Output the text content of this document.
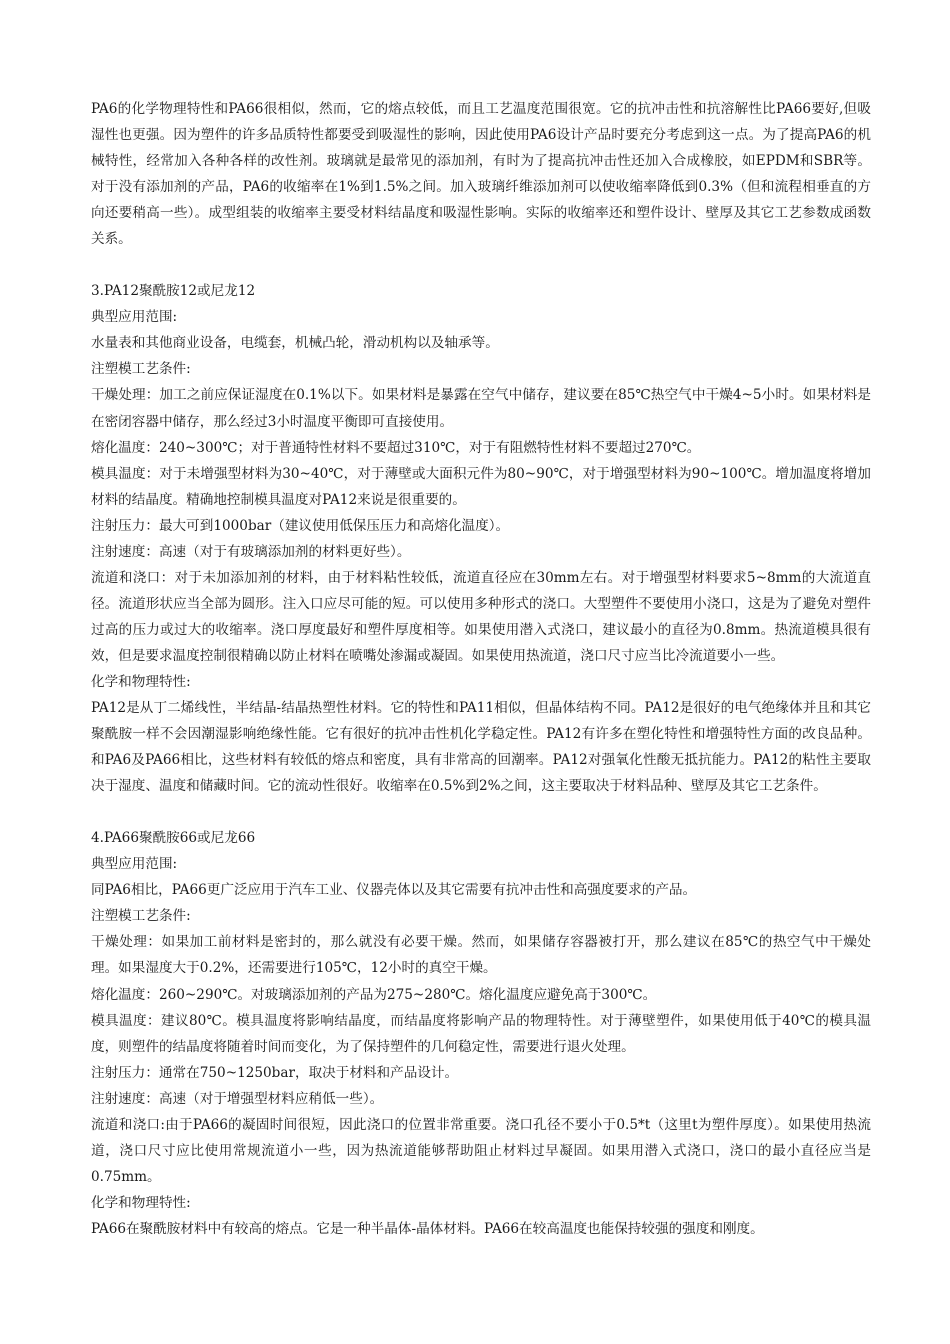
PA6的化学物理特性和PA66很相似，然而，它的熔点较低，而且工艺温度范围很宽。它的抗冲击性和抗溶解性比PA66要好,但吸湿性也更强。因为塑件的许多品质特性都要受到吸湿性的影响，因此使用PA6设计产品时要充分考虑到这一点。为了提高PA6的机械特性，经常加入各种各样的改性剂。玻璃就是最常见的添加剂，有时为了提高抗冲击性还加入合成橡胶，如EPDM和SBR等。对于没有添加剂的产品，PA6的收缩率在1%到1.5%之间。加入玻璃纤维添加剂可以使收缩率降低到0.3%（但和流程相垂直的方向还要稍高一些）。成型组装的收缩率主要受材料结晶度和吸湿性影响。实际的收缩率还和塑件设计、壁厚及其它工艺参数成函数关系。

3.PA12聚酰胺12或尼龙12

典型应用范围:

水量表和其他商业设备，电缆套，机械凸轮，滑动机构以及轴承等。

注塑模工艺条件:

干燥处理：加工之前应保证湿度在0.1%以下。如果材料是暴露在空气中储存，建议要在85℃热空气中干燥4~5小时。如果材料是在密闭容器中储存，那么经过3小时温度平衡即可直接使用。

熔化温度：240~300℃；对于普通特性材料不要超过310℃，对于有阻燃特性材料不要超过270℃。

模具温度：对于未增强型材料为30~40℃，对于薄壁或大面积元件为80~90℃，对于增强型材料为90~100℃。增加温度将增加材料的结晶度。精确地控制模具温度对PA12来说是很重要的。

注射压力：最大可到1000bar（建议使用低保压压力和高熔化温度）。

注射速度：高速（对于有玻璃添加剂的材料更好些）。

流道和浇口：对于未加添加剂的材料，由于材料粘性较低，流道直径应在30mm左右。对于增强型材料要求5~8mm的大流道直径。流道形状应当全部为圆形。注入口应尽可能的短。可以使用多种形式的浇口。大型塑件不要使用小浇口，这是为了避免对塑件过高的压力或过大的收缩率。浇口厚度最好和塑件厚度相等。如果使用潜入式浇口，建议最小的直径为0.8mm。热流道模具很有效，但是要求温度控制很精确以防止材料在喷嘴处渗漏或凝固。如果使用热流道，浇口尺寸应当比冷流道要小一些。

化学和物理特性:

PA12是从丁二烯线性，半结晶-结晶热塑性材料。它的特性和PA11相似，但晶体结构不同。PA12是很好的电气绝缘体并且和其它聚酰胺一样不会因潮湿影响绝缘性能。它有很好的抗冲击性机化学稳定性。PA12有许多在塑化特性和增强特性方面的改良品种。和PA6及PA66相比，这些材料有较低的熔点和密度，具有非常高的回潮率。PA12对强氧化性酸无抵抗能力。PA12的粘性主要取决于湿度、温度和储藏时间。它的流动性很好。收缩率在0.5%到2%之间，这主要取决于材料品种、壁厚及其它工艺条件。

4.PA66聚酰胺66或尼龙66

典型应用范围:

同PA6相比，PA66更广泛应用于汽车工业、仪器壳体以及其它需要有抗冲击性和高强度要求的产品。

注塑模工艺条件:

干燥处理：如果加工前材料是密封的，那么就没有必要干燥。然而，如果储存容器被打开，那么建议在85℃的热空气中干燥处理。如果湿度大于0.2%，还需要进行105℃，12小时的真空干燥。

熔化温度：260~290℃。对玻璃添加剂的产品为275~280℃。熔化温度应避免高于300℃。

模具温度：建议80℃。模具温度将影响结晶度，而结晶度将影响产品的物理特性。对于薄壁塑件，如果使用低于40℃的模具温度，则塑件的结晶度将随着时间而变化，为了保持塑件的几何稳定性，需要进行退火处理。

注射压力：通常在750~1250bar，取决于材料和产品设计。

注射速度：高速（对于增强型材料应稍低一些）。

流道和浇口:由于PA66的凝固时间很短，因此浇口的位置非常重要。浇口孔径不要小于0.5*t（这里t为塑件厚度）。如果使用热流道，浇口尺寸应比使用常规流道小一些，因为热流道能够帮助阻止材料过早凝固。如果用潜入式浇口，浇口的最小直径应当是0.75mm。

化学和物理特性:

PA66在聚酰胺材料中有较高的熔点。它是一种半晶体-晶体材料。PA66在较高温度也能保持较强的强度和刚度。
